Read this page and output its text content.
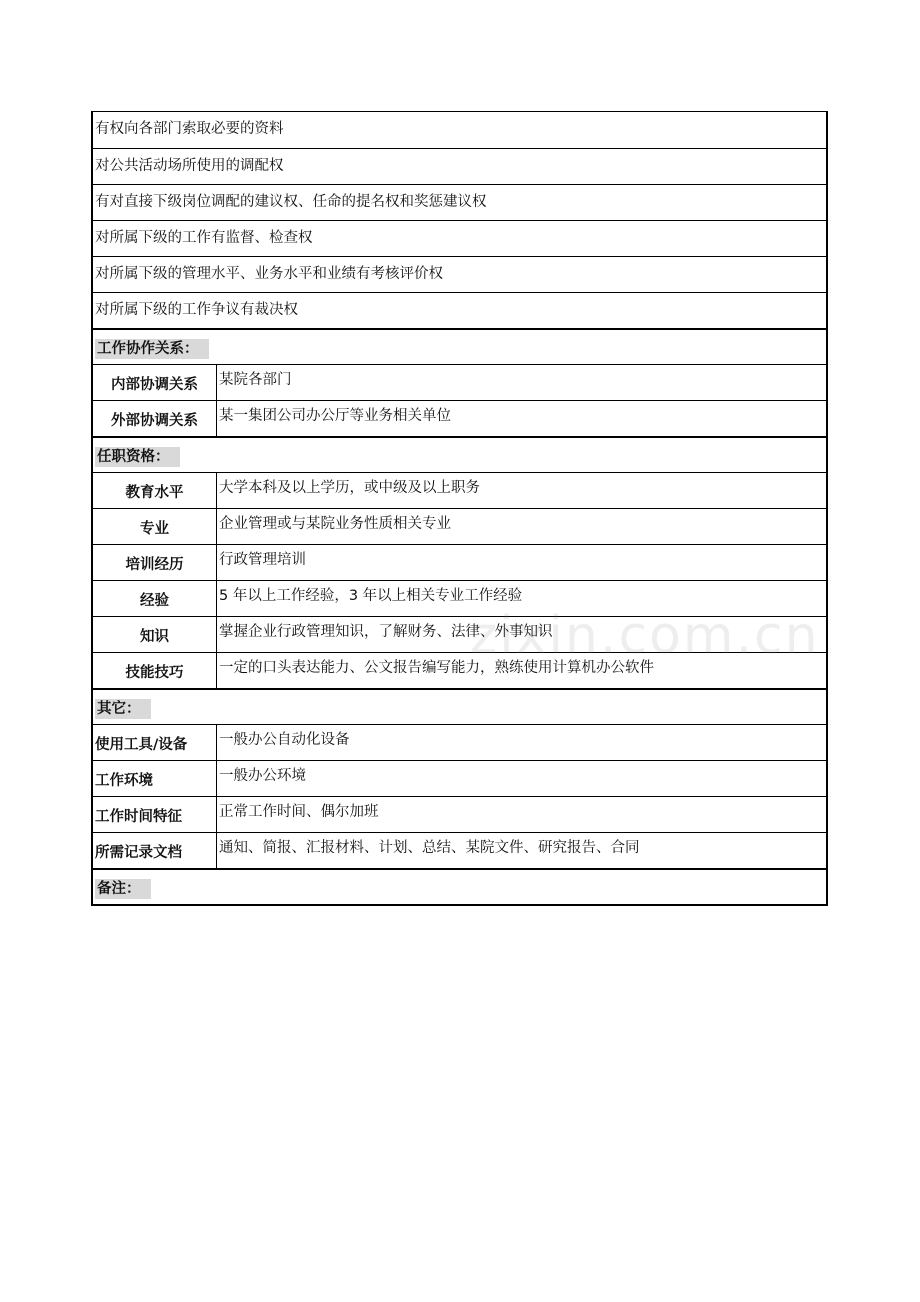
有权向各部门索取必要的资料
对公共活动场所使用的调配权
有对直接下级岗位调配的建议权、任命的提名权和奖惩建议权
对所属下级的工作有监督、检查权
对所属下级的管理水平、业务水平和业绩有考核评价权
对所属下级的工作争议有裁决权
工作协作关系：
内部协调关系	某院各部门
外部协调关系	某一集团公司办公厅等业务相关单位
任职资格：
教育水平	大学本科及以上学历，或中级及以上职务
专业	企业管理或与某院业务性质相关专业
培训经历	行政管理培训
经验	5 年以上工作经验，3 年以上相关专业工作经验
知识	掌握企业行政管理知识，了解财务、法律、外事知识
技能技巧	一定的口头表达能力、公文报告编写能力，熟练使用计算机办公软件
其它：
使用工具/设备	一般办公自动化设备
工作环境	一般办公环境
工作时间特征	正常工作时间、偶尔加班
所需记录文档	通知、简报、汇报材料、计划、总结、某院文件、研究报告、合同
备注：
zixin.com.cn
